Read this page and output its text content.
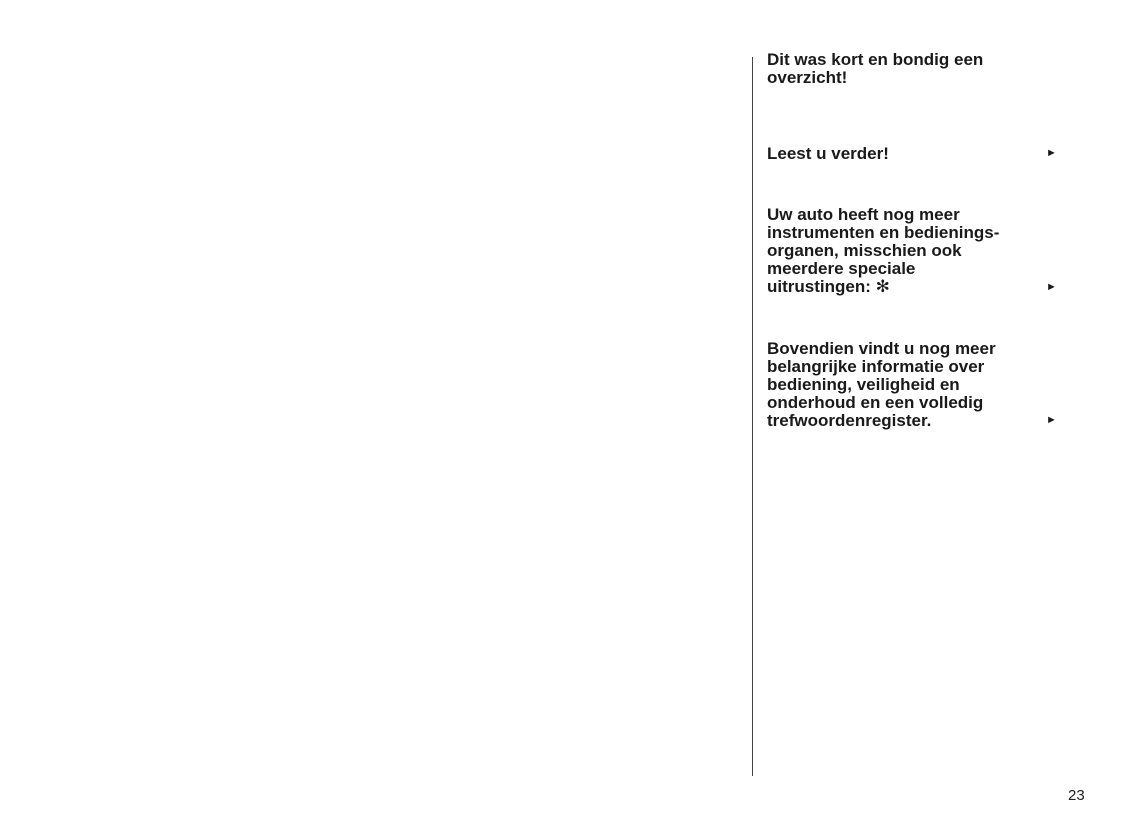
Dit was kort en bondig een
overzicht!
Leest u verder!	►
Uw auto heeft nog meer
instrumenten en bedienings-
organen, misschien ook
meerdere speciale
uitrustingen: ✻	►
Bovendien vindt u nog meer
belangrijke informatie over
bediening, veiligheid en
onderhoud en een volledig
trefwoordenregister.	►
23
